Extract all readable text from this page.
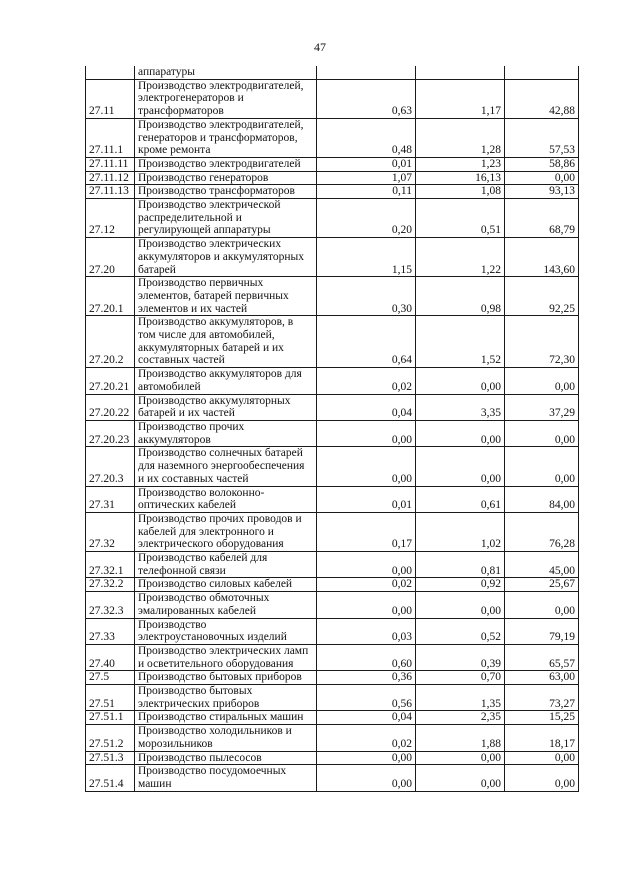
47
	аппаратуры			
27.11	Производство электродвигателей, электрогенераторов и трансформаторов	0,63	1,17	42,88
27.11.1	Производство электродвигателей, генераторов и трансформаторов, кроме ремонта	0,48	1,28	57,53
27.11.11	Производство электродвигателей	0,01	1,23	58,86
27.11.12	Производство генераторов	1,07	16,13	0,00
27.11.13	Производство трансформаторов	0,11	1,08	93,13
27.12	Производство электрической распределительной и регулирующей аппаратуры	0,20	0,51	68,79
27.20	Производство электрических аккумуляторов и аккумуляторных батарей	1,15	1,22	143,60
27.20.1	Производство первичных элементов, батарей первичных элементов и их частей	0,30	0,98	92,25
27.20.2	Производство аккумуляторов, в том числе для автомобилей, аккумуляторных батарей и их составных частей	0,64	1,52	72,30
27.20.21	Производство аккумуляторов для автомобилей	0,02	0,00	0,00
27.20.22	Производство аккумуляторных батарей и их частей	0,04	3,35	37,29
27.20.23	Производство прочих аккумуляторов	0,00	0,00	0,00
27.20.3	Производство солнечных батарей для наземного энергообеспечения и их составных частей	0,00	0,00	0,00
27.31	Производство волоконно-оптических кабелей	0,01	0,61	84,00
27.32	Производство прочих проводов и кабелей для электронного и электрического оборудования	0,17	1,02	76,28
27.32.1	Производство кабелей для телефонной связи	0,00	0,81	45,00
27.32.2	Производство силовых кабелей	0,02	0,92	25,67
27.32.3	Производство обмоточных эмалированных кабелей	0,00	0,00	0,00
27.33	Производство электроустановочных изделий	0,03	0,52	79,19
27.40	Производство электрических ламп и осветительного оборудования	0,60	0,39	65,57
27.5	Производство бытовых приборов	0,36	0,70	63,00
27.51	Производство бытовых электрических приборов	0,56	1,35	73,27
27.51.1	Производство стиральных машин	0,04	2,35	15,25
27.51.2	Производство холодильников и морозильников	0,02	1,88	18,17
27.51.3	Производство пылесосов	0,00	0,00	0,00
27.51.4	Производство посудомоечных машин	0,00	0,00	0,00
